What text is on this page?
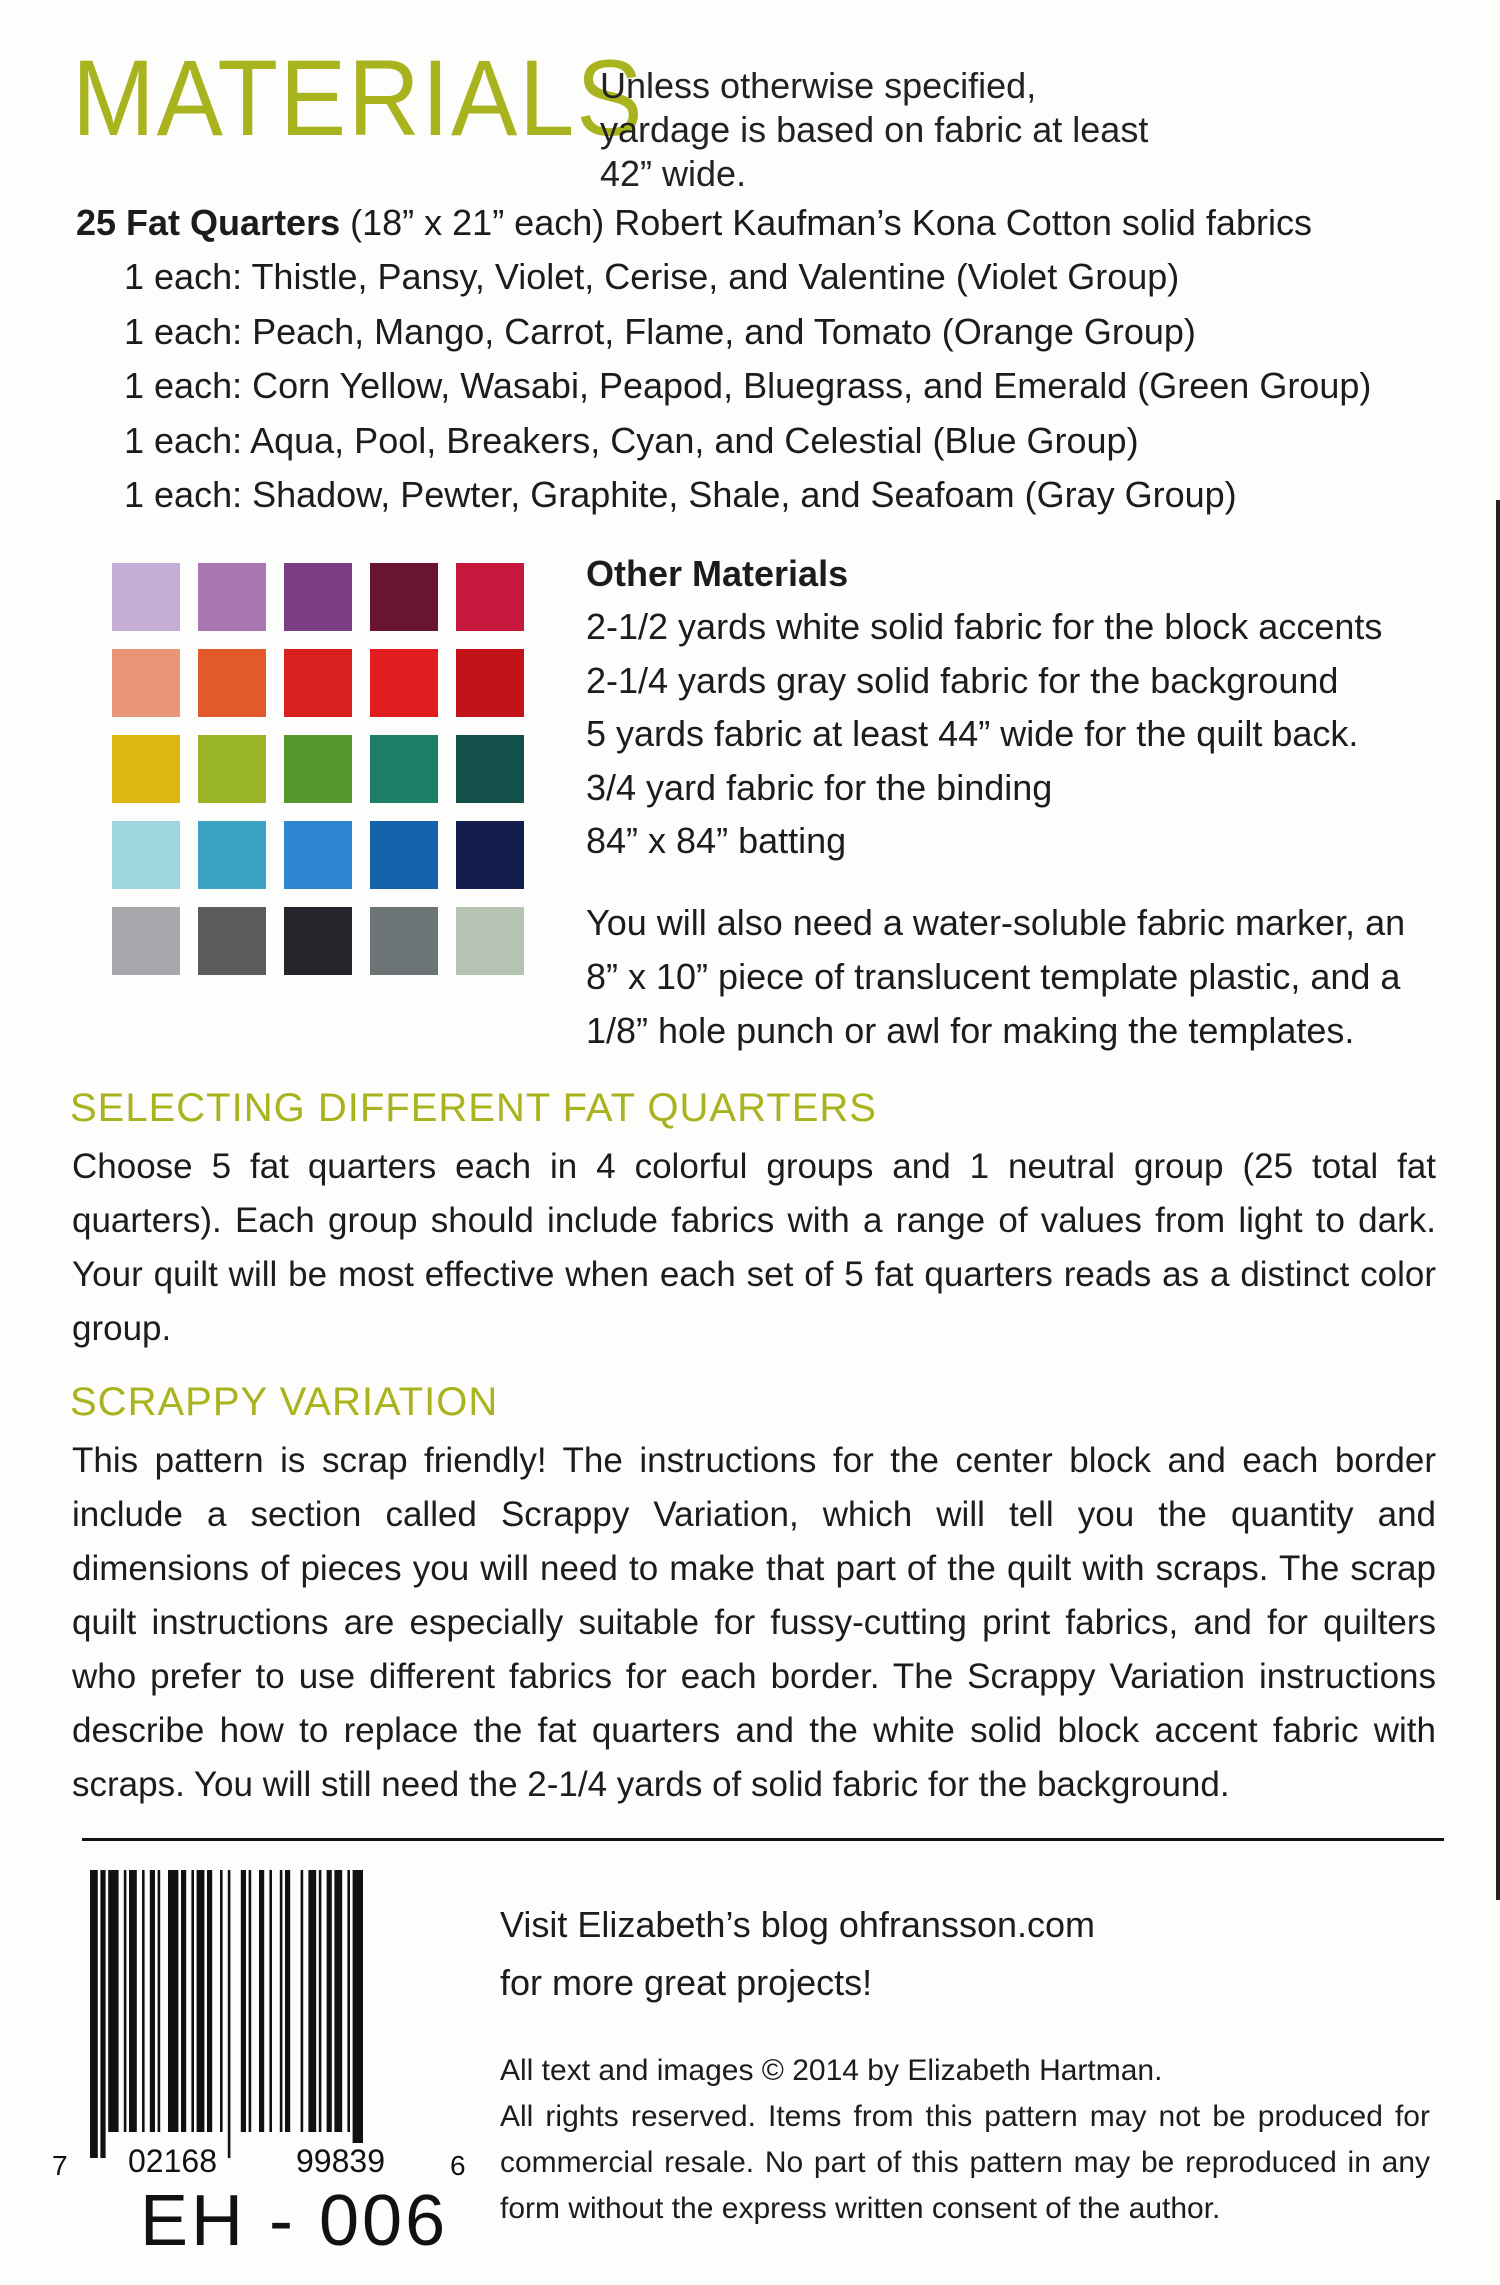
MATERIALS
Unless otherwise specified, yardage is based on fabric at least 42” wide.
25 Fat Quarters (18” x 21” each) Robert Kaufman’s Kona Cotton solid fabrics
1 each: Thistle, Pansy, Violet, Cerise, and Valentine (Violet Group)
1 each: Peach, Mango, Carrot, Flame, and Tomato (Orange Group)
1 each: Corn Yellow, Wasabi, Peapod, Bluegrass, and Emerald (Green Group)
1 each: Aqua, Pool, Breakers, Cyan, and Celestial (Blue Group)
1 each: Shadow, Pewter, Graphite, Shale, and Seafoam (Gray Group)
Other Materials
2-1/2 yards white solid fabric for the block accents
2-1/4 yards gray solid fabric for the background
5 yards fabric at least 44” wide for the quilt back.
3/4 yard fabric for the binding
84” x 84” batting

You will also need a water-soluble fabric marker, an 8” x 10” piece of translucent template plastic, and a 1/8” hole punch or awl for making the templates.

SELECTING DIFFERENT FAT QUARTERS

Choose 5 fat quarters each in 4 colorful groups and 1 neutral group (25 total fat quarters). Each group should include fabrics with a range of values from light to dark. Your quilt will be most effective when each set of 5 fat quarters reads as a distinct color group.

SCRAPPY VARIATION

This pattern is scrap friendly! The instructions for the center block and each border include a section called Scrappy Variation, which will tell you the quantity and dimensions of pieces you will need to make that part of the quilt with scraps. The scrap quilt instructions are especially suitable for fussy-cutting print fabrics, and for quilters who prefer to use different fabrics for each border. The Scrappy Variation instructions describe how to replace the fat quarters and the white solid block accent fabric with scraps. You will still need the 2-1/4 yards of solid fabric for the background.

7 02168 99839 6
EH - 006
Visit Elizabeth’s blog ohfransson.com
for more great projects!
All text and images © 2014 by Elizabeth Hartman.
All rights reserved. Items from this pattern may not be produced for commercial resale. No part of this pattern may be reproduced in any form without the express written consent of the author.
